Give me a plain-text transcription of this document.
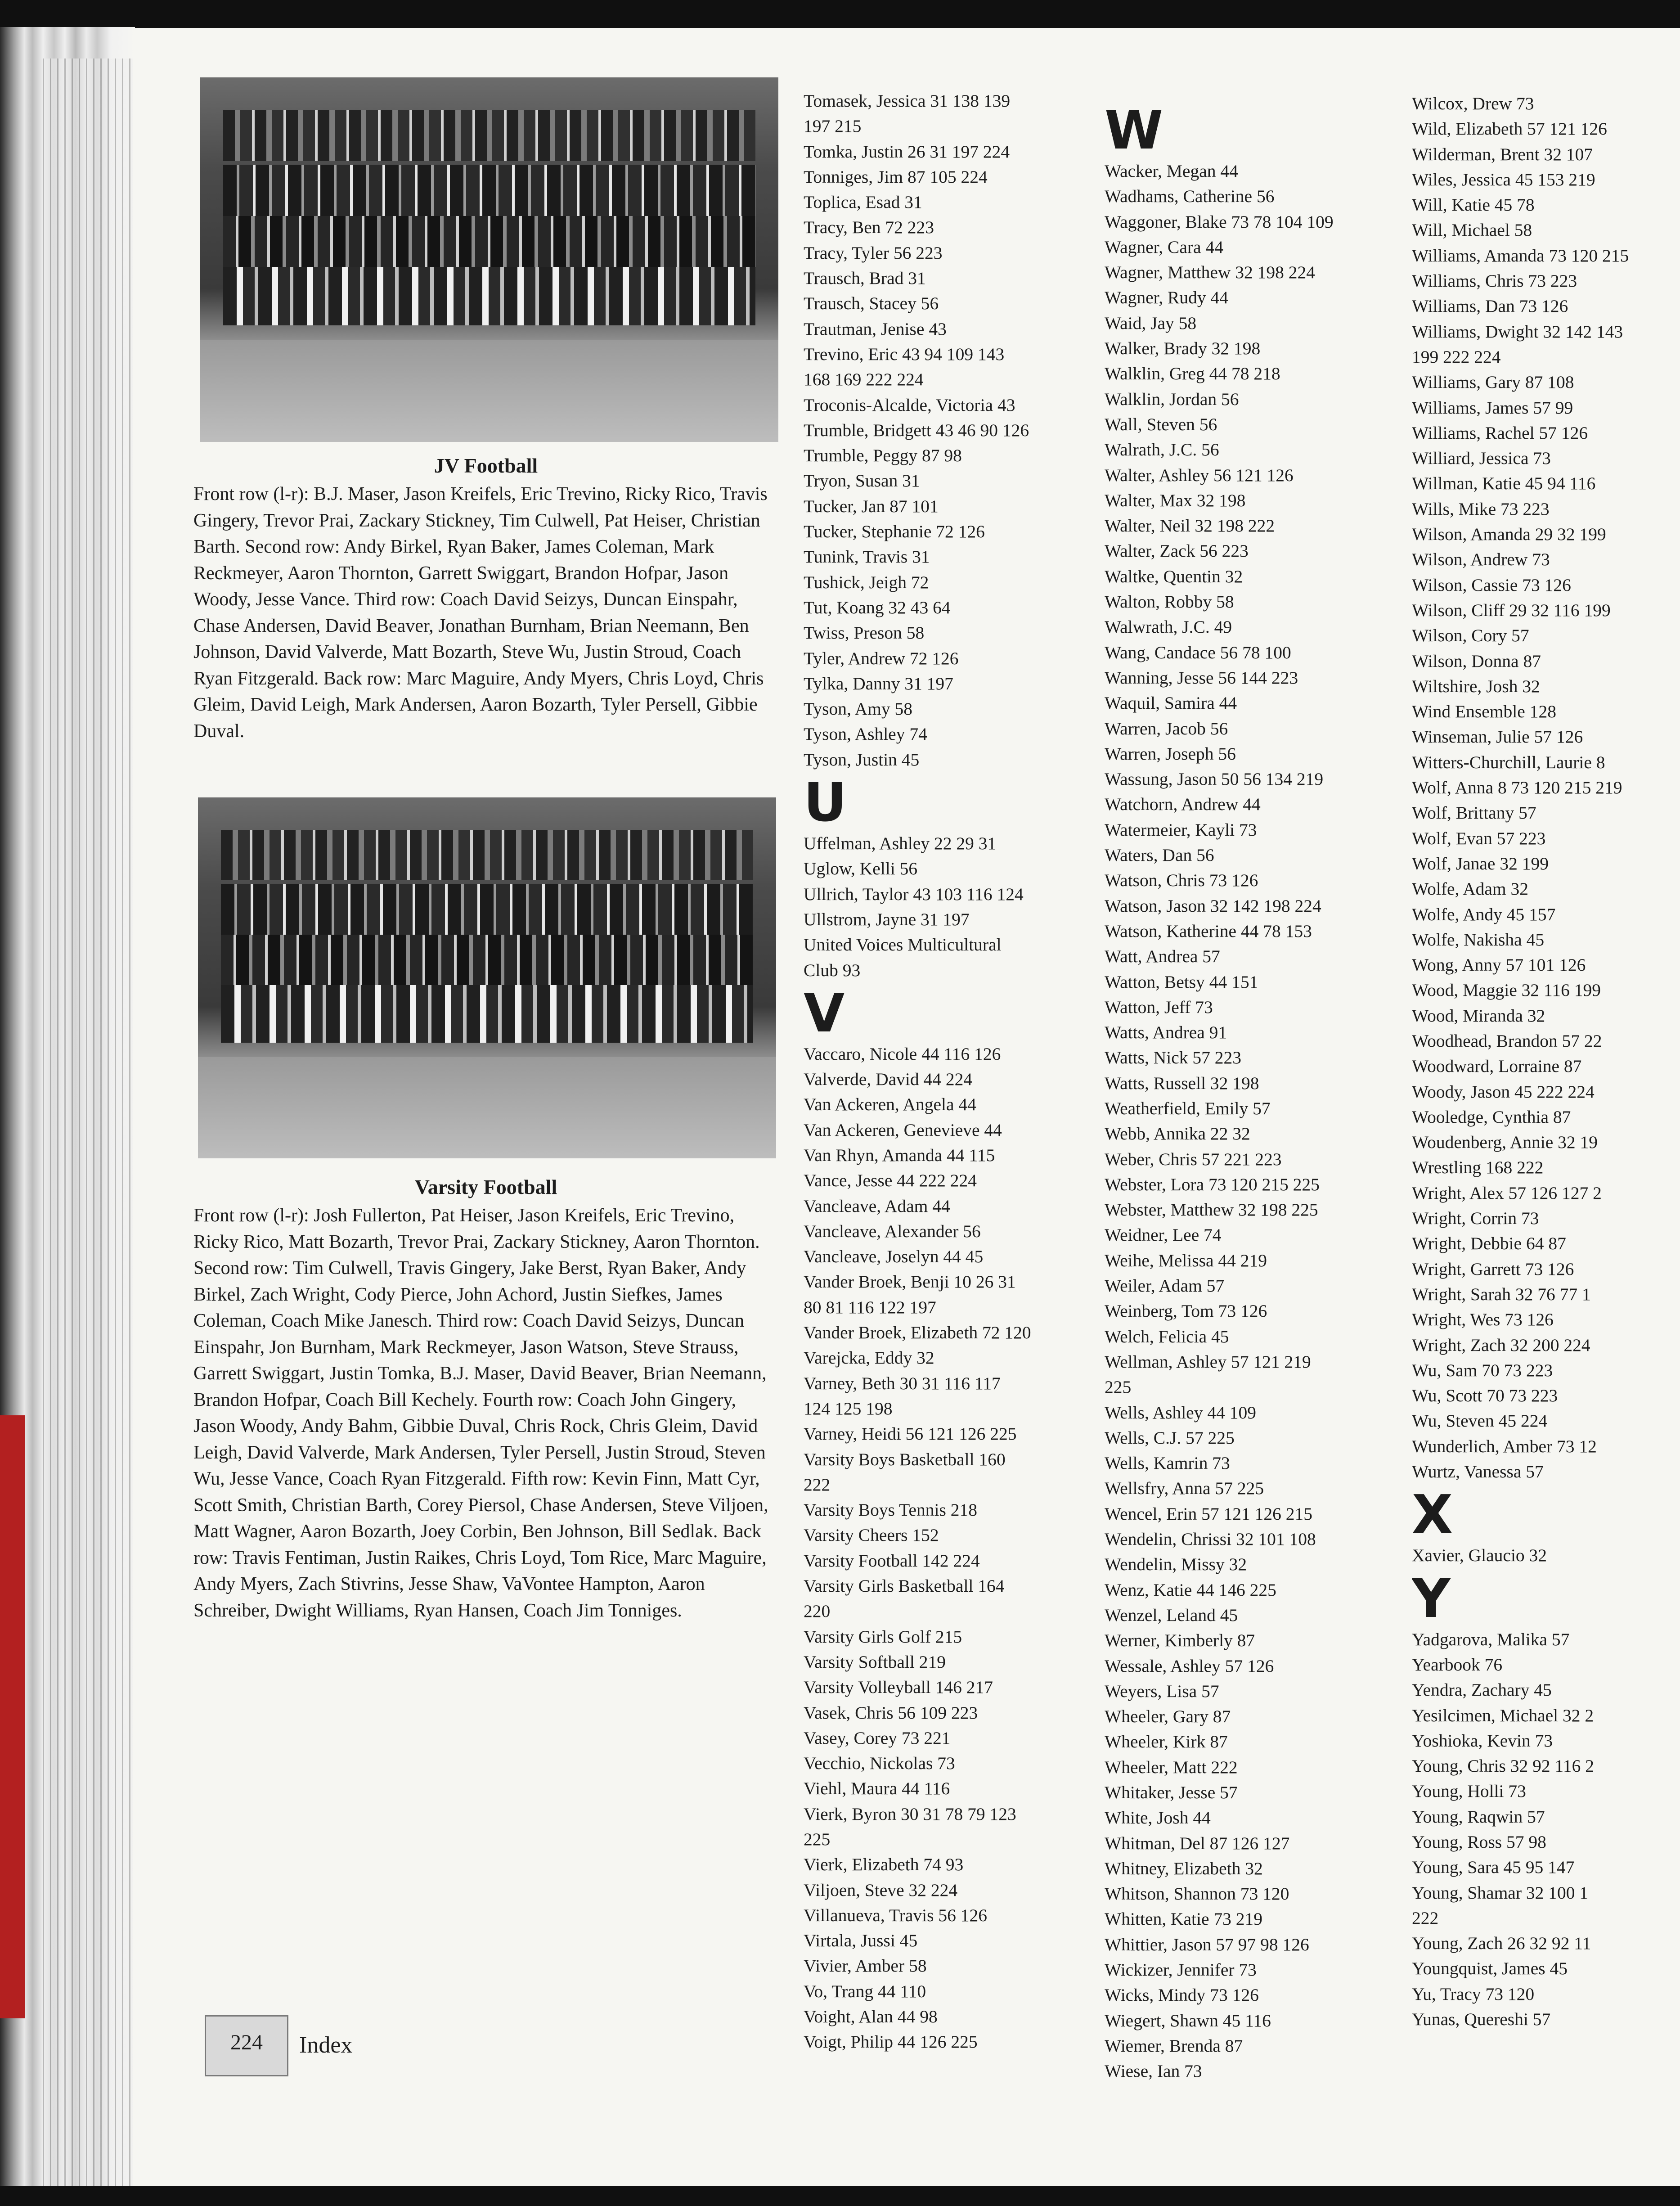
JV Football
Front row (l-r): B.J. Maser, Jason Kreifels, Eric Trevino, Ricky Rico, Travis Gingery, Trevor Prai, Zackary Stickney, Tim Culwell, Pat Heiser, Christian Barth. Second row: Andy Birkel, Ryan Baker, James Coleman, Mark Reckmeyer, Aaron Thornton, Garrett Swiggart, Brandon Hofpar, Jason Woody, Jesse Vance. Third row: Coach David Seizys, Duncan Einspahr, Chase Andersen, David Beaver, Jonathan Burnham, Brian Neemann, Ben Johnson, David Valverde, Matt Bozarth, Steve Wu, Justin Stroud, Coach Ryan Fitzgerald. Back row: Marc Maguire, Andy Myers, Chris Loyd, Chris Gleim, David Leigh, Mark Andersen, Aaron Bozarth, Tyler Persell, Gibbie Duval.
Varsity Football
Front row (l-r): Josh Fullerton, Pat Heiser, Jason Kreifels, Eric Trevino, Ricky Rico, Matt Bozarth, Trevor Prai, Zackary Stickney, Aaron Thornton. Second row: Tim Culwell, Travis Gingery, Jake Berst, Ryan Baker, Andy Birkel, Zach Wright, Cody Pierce, John Achord, Justin Siefkes, James Coleman, Coach Mike Janesch. Third row: Coach David Seizys, Duncan Einspahr, Jon Burnham, Mark Reckmeyer, Jason Watson, Steve Strauss, Garrett Swiggart, Justin Tomka, B.J. Maser, David Beaver, Brian Neemann, Brandon Hofpar, Coach Bill Kechely. Fourth row: Coach John Gingery, Jason Woody, Andy Bahm, Gibbie Duval, Chris Rock, Chris Gleim, David Leigh, David Valverde, Mark Andersen, Tyler Persell, Justin Stroud, Steven Wu, Jesse Vance, Coach Ryan Fitzgerald. Fifth row: Kevin Finn, Matt Cyr, Scott Smith, Christian Barth, Corey Piersol, Chase Andersen, Steve Viljoen, Matt Wagner, Aaron Bozarth, Joey Corbin, Ben Johnson, Bill Sedlak. Back row: Travis Fentiman, Justin Raikes, Chris Loyd, Tom Rice, Marc Maguire, Andy Myers, Zach Stivrins, Jesse Shaw, VaVontee Hampton, Aaron Schreiber, Dwight Williams, Ryan Hansen, Coach Jim Tonniges.
Tomasek, Jessica 31 138 139
197 215
Tomka, Justin 26 31 197 224
Tonniges, Jim 87 105 224
Toplica, Esad 31
Tracy, Ben 72 223
Tracy, Tyler 56 223
Trausch, Brad 31
Trausch, Stacey 56
Trautman, Jenise 43
Trevino, Eric 43 94 109 143
168 169 222 224
Troconis-Alcalde, Victoria 43
Trumble, Bridgett 43 46 90 126
Trumble, Peggy 87 98
Tryon, Susan 31
Tucker, Jan 87 101
Tucker, Stephanie 72 126
Tunink, Travis 31
Tushick, Jeigh 72
Tut, Koang 32 43 64
Twiss, Preson 58
Tyler, Andrew 72 126
Tylka, Danny 31 197
Tyson, Amy 58
Tyson, Ashley 74
Tyson, Justin 45
U
Uffelman, Ashley 22 29 31
Uglow, Kelli 56
Ullrich, Taylor 43 103 116 124
Ullstrom, Jayne 31 197
United Voices Multicultural
Club 93
V
Vaccaro, Nicole 44 116 126
Valverde, David 44 224
Van Ackeren, Angela 44
Van Ackeren, Genevieve 44
Van Rhyn, Amanda 44 115
Vance, Jesse 44 222 224
Vancleave, Adam 44
Vancleave, Alexander 56
Vancleave, Joselyn 44 45
Vander Broek, Benji 10 26 31
80 81 116 122 197
Vander Broek, Elizabeth 72 120
Varejcka, Eddy 32
Varney, Beth 30 31 116 117
124 125 198
Varney, Heidi 56 121 126 225
Varsity Boys Basketball 160
222
Varsity Boys Tennis 218
Varsity Cheers 152
Varsity Football 142 224
Varsity Girls Basketball 164
220
Varsity Girls Golf 215
Varsity Softball 219
Varsity Volleyball 146 217
Vasek, Chris 56 109 223
Vasey, Corey 73 221
Vecchio, Nickolas 73
Viehl, Maura 44 116
Vierk, Byron 30 31 78 79 123
225
Vierk, Elizabeth 74 93
Viljoen, Steve 32 224
Villanueva, Travis 56 126
Virtala, Jussi 45
Vivier, Amber 58
Vo, Trang 44 110
Voight, Alan 44 98
Voigt, Philip 44 126 225
W
Wacker, Megan 44
Wadhams, Catherine 56
Waggoner, Blake 73 78 104 109
Wagner, Cara 44
Wagner, Matthew 32 198 224
Wagner, Rudy 44
Waid, Jay 58
Walker, Brady 32 198
Walklin, Greg 44 78 218
Walklin, Jordan 56
Wall, Steven 56
Walrath, J.C. 56
Walter, Ashley 56 121 126
Walter, Max 32 198
Walter, Neil 32 198 222
Walter, Zack 56 223
Waltke, Quentin 32
Walton, Robby 58
Walwrath, J.C. 49
Wang, Candace 56 78 100
Wanning, Jesse 56 144 223
Waquil, Samira 44
Warren, Jacob 56
Warren, Joseph 56
Wassung, Jason 50 56 134 219
Watchorn, Andrew 44
Watermeier, Kayli 73
Waters, Dan 56
Watson, Chris 73 126
Watson, Jason 32 142 198 224
Watson, Katherine 44 78 153
Watt, Andrea 57
Watton, Betsy 44 151
Watton, Jeff 73
Watts, Andrea 91
Watts, Nick 57 223
Watts, Russell 32 198
Weatherfield, Emily 57
Webb, Annika 22 32
Weber, Chris 57 221 223
Webster, Lora 73 120 215 225
Webster, Matthew 32 198 225
Weidner, Lee 74
Weihe, Melissa 44 219
Weiler, Adam 57
Weinberg, Tom 73 126
Welch, Felicia 45
Wellman, Ashley 57 121 219
225
Wells, Ashley 44 109
Wells, C.J. 57 225
Wells, Kamrin 73
Wellsfry, Anna 57 225
Wencel, Erin 57 121 126 215
Wendelin, Chrissi 32 101 108
Wendelin, Missy 32
Wenz, Katie 44 146 225
Wenzel, Leland 45
Werner, Kimberly 87
Wessale, Ashley 57 126
Weyers, Lisa 57
Wheeler, Gary 87
Wheeler, Kirk 87
Wheeler, Matt 222
Whitaker, Jesse 57
White, Josh 44
Whitman, Del 87 126 127
Whitney, Elizabeth 32
Whitson, Shannon 73 120
Whitten, Katie 73 219
Whittier, Jason 57 97 98 126
Wickizer, Jennifer 73
Wicks, Mindy 73 126
Wiegert, Shawn 45 116
Wiemer, Brenda 87
Wiese, Ian 73
Wilcox, Drew 73
Wild, Elizabeth 57 121 126
Wilderman, Brent 32 107
Wiles, Jessica 45 153 219
Will, Katie 45 78
Will, Michael 58
Williams, Amanda 73 120 215
Williams, Chris 73 223
Williams, Dan 73 126
Williams, Dwight 32 142 143
199 222 224
Williams, Gary 87 108
Williams, James 57 99
Williams, Rachel 57 126
Williard, Jessica 73
Willman, Katie 45 94 116
Wills, Mike 73 223
Wilson, Amanda 29 32 199
Wilson, Andrew 73
Wilson, Cassie 73 126
Wilson, Cliff 29 32 116 199
Wilson, Cory 57
Wilson, Donna 87
Wiltshire, Josh 32
Wind Ensemble 128
Winseman, Julie 57 126
Witters-Churchill, Laurie 8
Wolf, Anna 8 73 120 215 219
Wolf, Brittany 57
Wolf, Evan 57 223
Wolf, Janae 32 199
Wolfe, Adam 32
Wolfe, Andy 45 157
Wolfe, Nakisha 45
Wong, Anny 57 101 126
Wood, Maggie 32 116 199
Wood, Miranda 32
Woodhead, Brandon 57 22
Woodward, Lorraine 87
Woody, Jason 45 222 224
Wooledge, Cynthia 87
Woudenberg, Annie 32 19
Wrestling 168 222
Wright, Alex 57 126 127 2
Wright, Corrin 73
Wright, Debbie 64 87
Wright, Garrett 73 126
Wright, Sarah 32 76 77 1
Wright, Wes 73 126
Wright, Zach 32 200 224
Wu, Sam 70 73 223
Wu, Scott 70 73 223
Wu, Steven 45 224
Wunderlich, Amber 73 12
Wurtz, Vanessa 57
X
Xavier, Glaucio 32
Y
Yadgarova, Malika 57
Yearbook 76
Yendra, Zachary 45
Yesilcimen, Michael 32 2
Yoshioka, Kevin 73
Young, Chris 32 92 116 2
Young, Holli 73
Young, Raqwin 57
Young, Ross 57 98
Young, Sara 45 95 147
Young, Shamar 32 100 1
222
Young, Zach 26 32 92 11
Youngquist, James 45
Yu, Tracy 73 120
Yunas, Quereshi 57
224	Index
